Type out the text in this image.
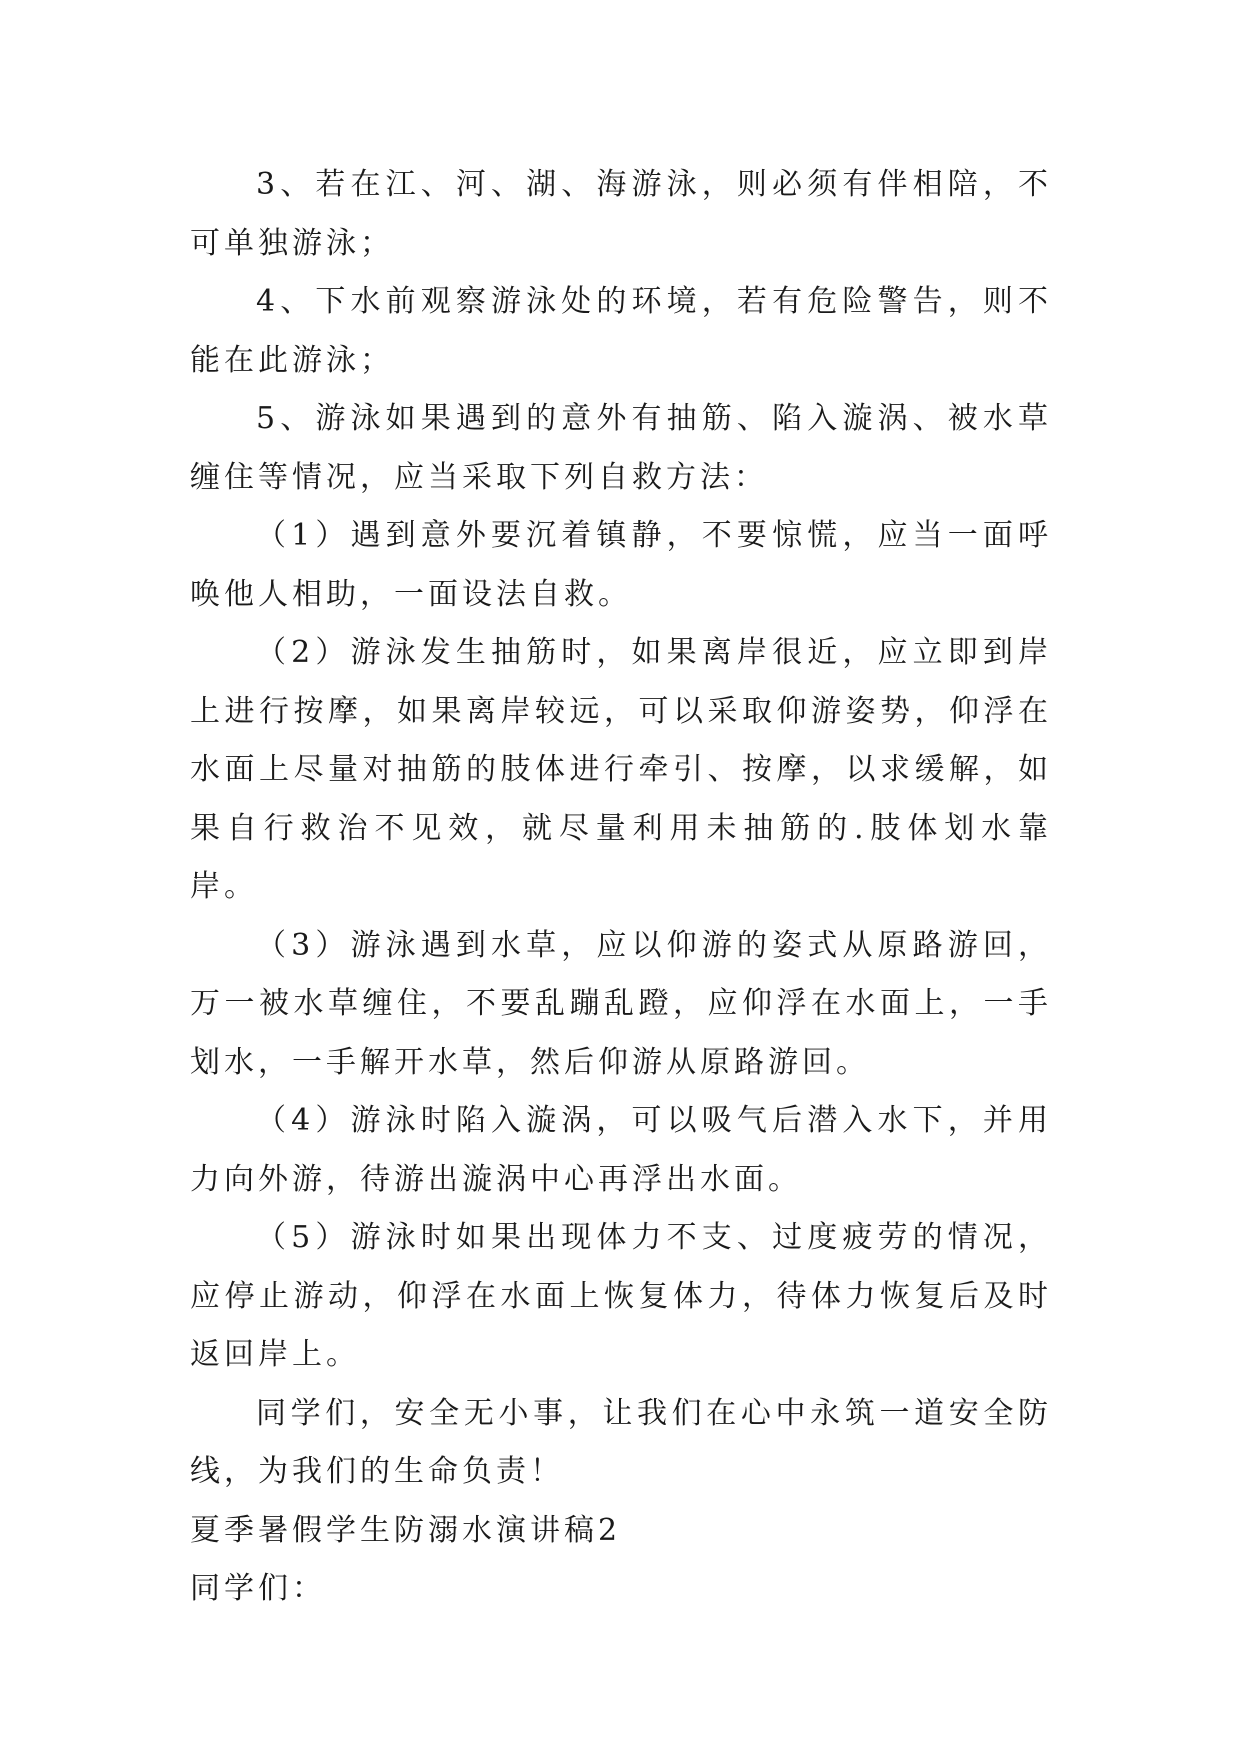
3、若在江、河、湖、海游泳，则必须有伴相陪，不可单独游泳；

4、下水前观察游泳处的环境，若有危险警告，则不能在此游泳；

5、游泳如果遇到的意外有抽筋、陷入漩涡、被水草缠住等情况，应当采取下列自救方法：

（1）遇到意外要沉着镇静，不要惊慌，应当一面呼唤他人相助，一面设法自救。

（2）游泳发生抽筋时，如果离岸很近，应立即到岸上进行按摩，如果离岸较远，可以采取仰游姿势，仰浮在水面上尽量对抽筋的肢体进行牵引、按摩，以求缓解，如果自行救治不见效，就尽量利用未抽筋的.肢体划水靠岸。

（3）游泳遇到水草，应以仰游的姿式从原路游回，万一被水草缠住，不要乱蹦乱蹬，应仰浮在水面上，一手划水，一手解开水草，然后仰游从原路游回。

（4）游泳时陷入漩涡，可以吸气后潜入水下，并用力向外游，待游出漩涡中心再浮出水面。

（5）游泳时如果出现体力不支、过度疲劳的情况，应停止游动，仰浮在水面上恢复体力，待体力恢复后及时返回岸上。

同学们，安全无小事，让我们在心中永筑一道安全防线，为我们的生命负责！

夏季暑假学生防溺水演讲稿2

同学们：
